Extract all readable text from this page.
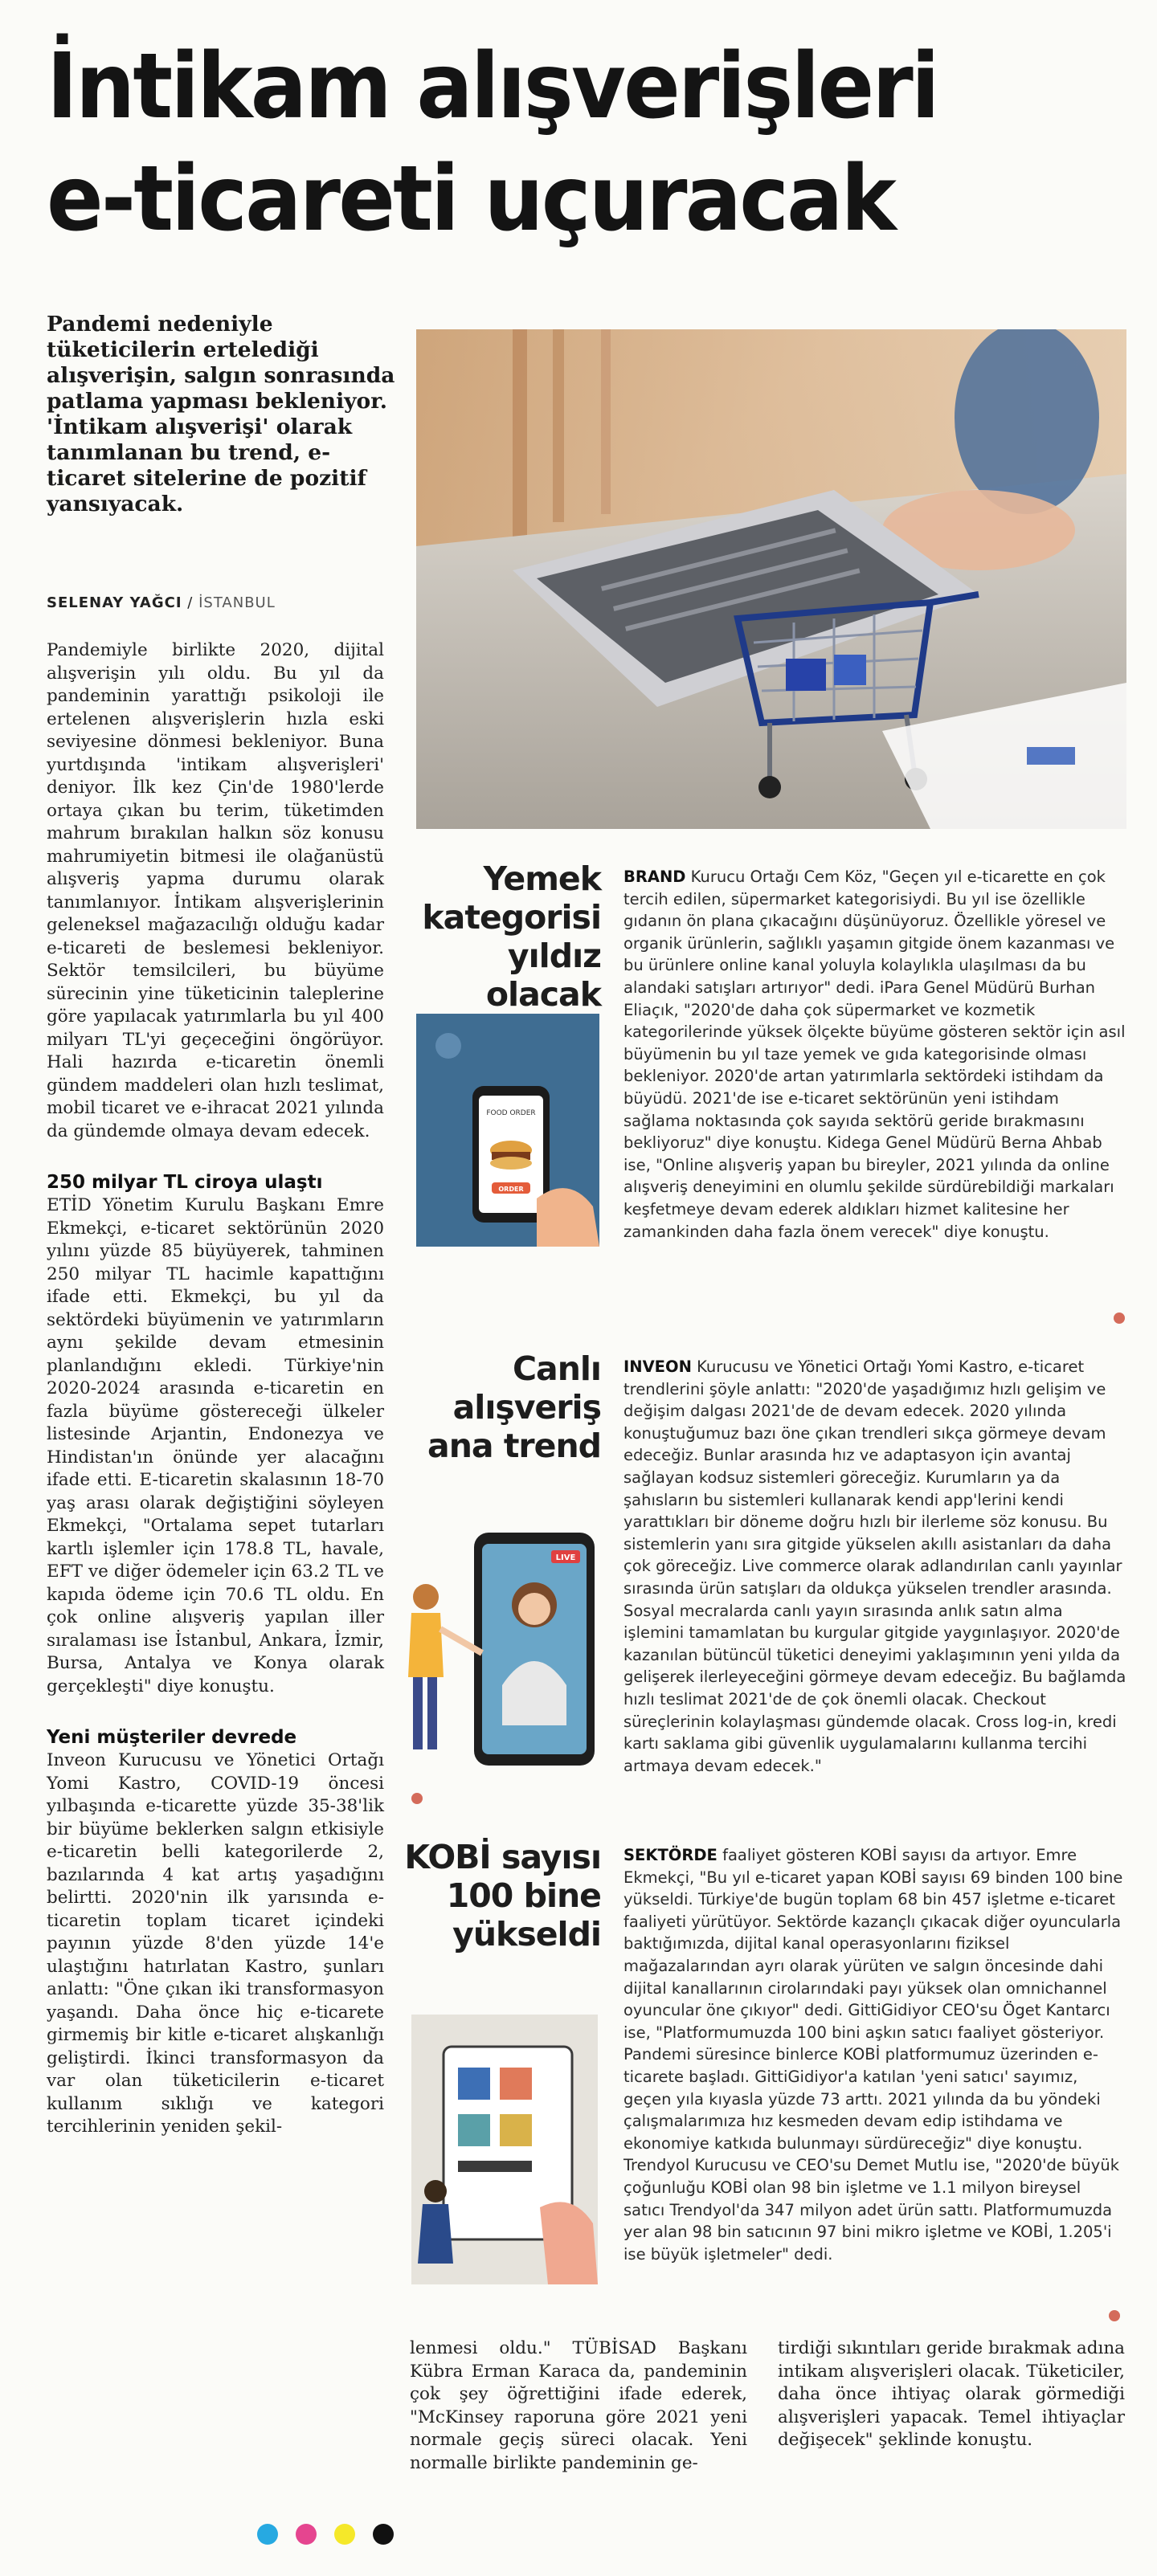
İntikam alışverişleri
e-ticareti uçuracak
Pandemi nedeniyle tüketicilerin ertelediği alışverişin, salgın sonrasında patlama yapması bekleniyor. 'İntikam alışverişi' olarak tanımlanan bu trend, e-ticaret sitelerine de pozitif yansıyacak.
SELENAY YAĞCI / İSTANBUL

Pandemiyle birlikte 2020, dijital alışverişin yılı oldu. Bu yıl da pandeminin yarattığı psikoloji ile ertelenen alışverişlerin hızla eski seviyesine dönmesi bekleniyor. Buna yurtdışında 'intikam alışverişleri' deniyor. İlk kez Çin'de 1980'lerde ortaya çıkan bu terim, tüketimden mahrum bırakılan halkın söz konusu mahrumiyetin bitmesi ile olağanüstü alışveriş yapma durumu olarak tanımlanıyor. İntikam alışverişlerinin geleneksel mağazacılığı olduğu kadar e-ticareti de beslemesi bekleniyor. Sektör temsilcileri, bu büyüme sürecinin yine tüketicinin taleplerine göre yapılacak yatırımlarla bu yıl 400 milyarı TL'yi geçeceğini öngörüyor. Hali hazırda e-ticaretin önemli gündem maddeleri olan hızlı teslimat, mobil ticaret ve e-ihracat 2021 yılında da gündemde olmaya devam edecek.

250 milyar TL ciroya ulaştı

ETİD Yönetim Kurulu Başkanı Emre Ekmekçi, e-ticaret sektörünün 2020 yılını yüzde 85 büyüyerek, tahminen 250 milyar TL hacimle kapattığını ifade etti. Ekmekçi, bu yıl da sektördeki büyümenin ve yatırımların aynı şekilde devam etmesinin planlandığını ekledi. Türkiye'nin 2020-2024 arasında e-ticaretin en fazla büyüme göstereceği ülkeler listesinde Arjantin, Endonezya ve Hindistan'ın önünde yer alacağını ifade etti. E-ticaretin skalasının 18-70 yaş arası olarak değiştiğini söyleyen Ekmekçi, "Ortalama sepet tutarları kartlı işlemler için 178.8 TL, havale, EFT ve diğer ödemeler için 63.2 TL ve kapıda ödeme için 70.6 TL oldu. En çok online alışveriş yapılan iller sıralaması ise İstanbul, Ankara, İzmir, Bursa, Antalya ve Konya olarak gerçekleşti" diye konuştu.

Yeni müşteriler devrede

Inveon Kurucusu ve Yönetici Ortağı Yomi Kastro, COVID-19 öncesi yılbaşında e-ticarette yüzde 35-38'lik bir büyüme beklerken salgın etkisiyle e-ticaretin belli kategorilerde 2, bazılarında 4 kat artış yaşadığını belirtti. 2020'nin ilk yarısında e-ticaretin toplam ticaret içindeki payının yüzde 8'den yüzde 14'e ulaştığını hatırlatan Kastro, şunları anlattı: "Öne çıkan iki transformasyon yaşandı. Daha önce hiç e-ticarete girmemiş bir kitle e-ticaret alışkanlığı geliştirdi. İkinci transformasyon da var olan tüketicilerin e-ticaret kullanım sıklığı ve kategori tercihlerinin yeniden şekil-

Yemek
kategorisi
yıldız olacak
FOOD ORDER
ORDER
BRAND Kurucu Ortağı Cem Köz, "Geçen yıl e-ticarette en çok tercih edilen, süpermarket kategorisiydi. Bu yıl ise özellikle gıdanın ön plana çıkacağını düşünüyoruz. Özellikle yöresel ve organik ürünlerin, sağlıklı yaşamın gitgide önem kazanması ve bu ürünlere online kanal yoluyla kolaylıkla ulaşılması da bu alandaki satışları artırıyor" dedi. iPara Genel Müdürü Burhan Eliaçık, "2020'de daha çok süpermarket ve kozmetik kategorilerinde yüksek ölçekte büyüme gösteren sektör için asıl büyümenin bu yıl taze yemek ve gıda kategorisinde olması bekleniyor. 2020'de artan yatırımlarla sektördeki istihdam da büyüdü. 2021'de ise e-ticaret sektörünün yeni istihdam sağlama noktasında çok sayıda sektörü geride bırakmasını bekliyoruz" diye konuştu. Kidega Genel Müdürü Berna Ahbab ise, "Online alışveriş yapan bu bireyler, 2021 yılında da online alışveriş deneyimini en olumlu şekilde sürdürebildiği markaları keşfetmeye devam ederek aldıkları hizmet kalitesine her zamankinden daha fazla önem verecek" diye konuştu.
Canlı
alışveriş
ana trend
LIVE
INVEON Kurucusu ve Yönetici Ortağı Yomi Kastro, e-ticaret trendlerini şöyle anlattı: "2020'de yaşadığımız hızlı gelişim ve değişim dalgası 2021'de de devam edecek. 2020 yılında konuştuğumuz bazı öne çıkan trendleri sıkça görmeye devam edeceğiz. Bunlar arasında hız ve adaptasyon için avantaj sağlayan kodsuz sistemleri göreceğiz. Kurumların ya da şahısların bu sistemleri kullanarak kendi app'lerini kendi yarattıkları bir döneme doğru hızlı bir ilerleme söz konusu. Bu sistemlerin yanı sıra gitgide yükselen akıllı asistanları da daha çok göreceğiz. Live commerce olarak adlandırılan canlı yayınlar sırasında ürün satışları da oldukça yükselen trendler arasında. Sosyal mecralarda canlı yayın sırasında anlık satın alma işlemini tamamlatan bu kurgular gitgide yaygınlaşıyor. 2020'de kazanılan bütüncül tüketici deneyimi yaklaşımının yeni yılda da gelişerek ilerleyeceğini görmeye devam edeceğiz. Bu bağlamda hızlı teslimat 2021'de de çok önemli olacak. Checkout süreçlerinin kolaylaşması gündemde olacak. Cross log-in, kredi kartı saklama gibi güvenlik uygulamalarını kullanma tercihi artmaya devam edecek."
KOBİ sayısı
100 bine
yükseldi
SEKTÖRDE faaliyet gösteren KOBİ sayısı da artıyor. Emre Ekmekçi, "Bu yıl e-ticaret yapan KOBİ sayısı 69 binden 100 bine yükseldi. Türkiye'de bugün toplam 68 bin 457 işletme e-ticaret faaliyeti yürütüyor. Sektörde kazançlı çıkacak diğer oyuncularla baktığımızda, dijital kanal operasyonlarını fiziksel mağazalarından ayrı olarak yürüten ve salgın öncesinde dahi dijital kanallarının cirolarındaki payı yüksek olan omnichannel oyuncular öne çıkıyor" dedi. GittiGidiyor CEO'su Öget Kantarcı ise, "Platformumuzda 100 bini aşkın satıcı faaliyet gösteriyor. Pandemi süresince binlerce KOBİ platformumuz üzerinden e-ticarete başladı. GittiGidiyor'a katılan 'yeni satıcı' sayımız, geçen yıla kıyasla yüzde 73 arttı. 2021 yılında da bu yöndeki çalışmalarımıza hız kesmeden devam edip istihdama ve ekonomiye katkıda bulunmayı sürdüreceğiz" diye konuştu. Trendyol Kurucusu ve CEO'su Demet Mutlu ise, "2020'de büyük çoğunluğu KOBİ olan 98 bin işletme ve 1.1 milyon bireysel satıcı Trendyol'da 347 milyon adet ürün sattı. Platformumuzda yer alan 98 bin satıcının 97 bini mikro işletme ve KOBİ, 1.205'i ise büyük işletmeler" dedi.

lenmesi oldu." TÜBİSAD Başkanı Kübra Erman Karaca da, pandeminin çok şey öğrettiğini ifade ederek, "McKinsey raporuna göre 2021 yeni normale geçiş süreci olacak. Yeni normalle birlikte pandeminin ge-

tirdiği sıkıntıları geride bırakmak adına intikam alışverişleri olacak. Tüketiciler, daha önce ihtiyaç olarak görmediği alışverişleri yapacak. Temel ihtiyaçlar değişecek" şeklinde konuştu.
